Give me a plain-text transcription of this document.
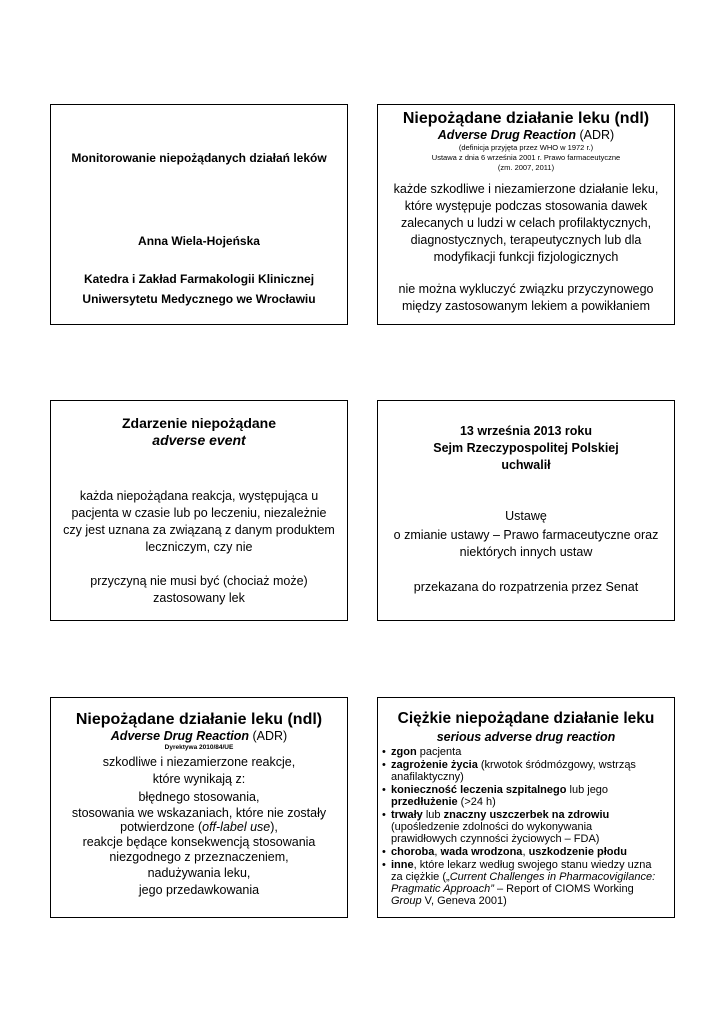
Monitorowanie niepożądanych działań leków
Anna Wiela-Hojeńska
Katedra i Zakład Farmakologii Klinicznej
Uniwersytetu Medycznego we Wrocławiu
Niepożądane działanie leku (ndl)
Adverse Drug Reaction (ADR)
(definicja przyjęta przez WHO w 1972 r.)
Ustawa z dnia 6 września 2001 r. Prawo farmaceutyczne
(zm. 2007, 2011)
każde szkodliwe i niezamierzone działanie leku,
które występuje podczas stosowania dawek
zalecanych u ludzi w celach profilaktycznych,
diagnostycznych, terapeutycznych lub dla
modyfikacji funkcji fizjologicznych
nie można wykluczyć związku przyczynowego
między zastosowanym lekiem a powikłaniem
Zdarzenie niepożądane
adverse event
każda niepożądana reakcja, występująca u
pacjenta w czasie lub po leczeniu, niezależnie
czy jest uznana za związaną z danym produktem
leczniczym, czy nie
przyczyną nie musi być (chociaż może)
zastosowany lek
13 września 2013 roku
Sejm Rzeczypospolitej Polskiej
uchwalił
Ustawę
o zmianie ustawy – Prawo farmaceutyczne oraz
niektórych innych ustaw
przekazana do rozpatrzenia przez Senat
Niepożądane działanie leku (ndl)
Adverse Drug Reaction (ADR)
Dyrektywa 2010/84/UE
szkodliwe i niezamierzone reakcje,
które wynikają z:
błędnego stosowania,
stosowania we wskazaniach, które nie zostały
potwierdzone (off-label use),
reakcje będące konsekwencją stosowania
niezgodnego z przeznaczeniem,
nadużywania leku,
jego przedawkowania
Ciężkie niepożądane działanie leku
serious adverse drug reaction
• zgon pacjenta
• zagrożenie życia (krwotok śródmózgowy, wstrząs
anafilaktyczny)
• konieczność leczenia szpitalnego lub jego
przedłużenie (>24 h)
• trwały lub znaczny uszczerbek na zdrowiu
(upośledzenie zdolności do wykonywania
prawidłowych czynności życiowych – FDA)
• choroba, wada wrodzona, uszkodzenie płodu
• inne, które lekarz według swojego stanu wiedzy uzna
za ciężkie („Current Challenges in Pharmacovigilance:
Pragmatic Approach” – Report of CIOMS Working
Group V, Geneva 2001)
